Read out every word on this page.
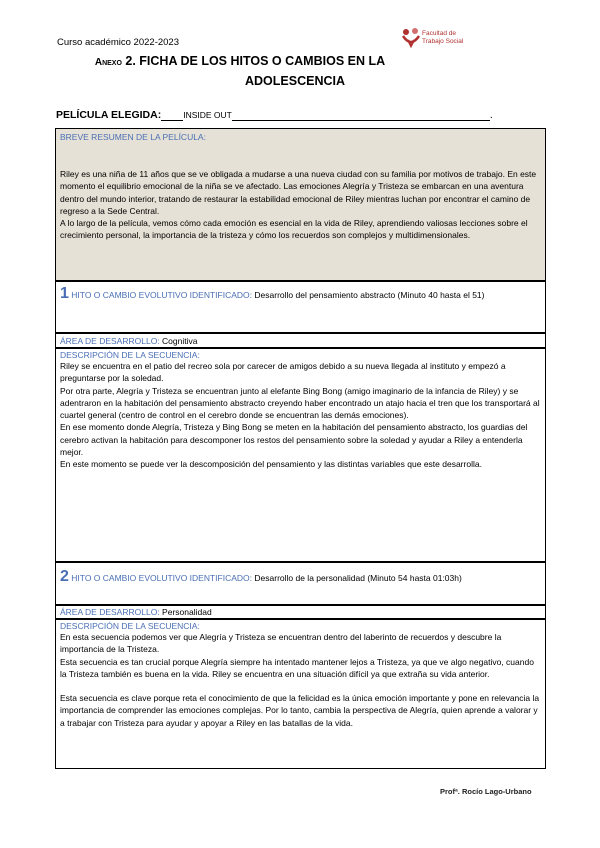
Curso académico 2022-2023
Facultad de
Trabajo Social
Anexo 2. FICHA DE LOS HITOS O CAMBIOS EN LA
ADOLESCENCIA
PELÍCULA ELEGIDA:	INSIDE OUT	.
BREVE RESUMEN DE LA PELÍCULA:

Riley es una niña de 11 años que se ve obligada a mudarse a una nueva ciudad con su familia por motivos de trabajo. En este momento el equilibrio emocional de la niña se ve afectado. Las emociones Alegría y Tristeza se embarcan en una aventura dentro del mundo interior, tratando de restaurar la estabilidad emocional de Riley mientras luchan por encontrar el camino de regreso a la Sede Central.

A lo largo de la película, vemos cómo cada emoción es esencial en la vida de Riley, aprendiendo valiosas lecciones sobre el crecimiento personal, la importancia de la tristeza y cómo los recuerdos son complejos y multidimensionales.

1 HITO O CAMBIO EVOLUTIVO IDENTIFICADO: Desarrollo del pensamiento abstracto (Minuto 40 hasta el 51)
ÁREA DE DESARROLLO: Cognitiva
DESCRIPCIÓN DE LA SECUENCIA:

Riley se encuentra en el patio del recreo sola por carecer de amigos debido a su nueva llegada al instituto y empezó a preguntarse por la soledad.

Por otra parte, Alegría y Tristeza se encuentran junto al elefante Bing Bong (amigo imaginario de la infancia de Riley) y se adentraron en la habitación del pensamiento abstracto creyendo haber encontrado un atajo hacia el tren que los transportará al cuartel general (centro de control en el cerebro donde se encuentran las demás emociones).

En ese momento donde Alegría, Tristeza y Bing Bong se meten en la habitación del pensamiento abstracto, los guardias del cerebro activan la habitación para descomponer los restos del pensamiento sobre la soledad y ayudar a Riley a entenderla mejor.

En este momento se puede ver la descomposición del pensamiento y las distintas variables que este desarrolla.

2 HITO O CAMBIO EVOLUTIVO IDENTIFICADO: Desarrollo de la personalidad (Minuto 54 hasta 01:03h)
ÁREA DE DESARROLLO: Personalidad
DESCRIPCIÓN DE LA SECUENCIA:

En esta secuencia podemos ver que Alegría y Tristeza se encuentran dentro del laberinto de recuerdos y descubre la importancia de la Tristeza.

Esta secuencia es tan crucial porque Alegría siempre ha intentado mantener lejos a Tristeza, ya que ve algo negativo, cuando la Tristeza también es buena en la vida. Riley se encuentra en una situación difícil ya que extraña su vida anterior.

Esta secuencia es clave porque reta el conocimiento de que la felicidad es la única emoción importante y pone en relevancia la importancia de comprender las emociones complejas. Por lo tanto, cambia la perspectiva de Alegría, quien aprende a valorar y a trabajar con Tristeza para ayudar y apoyar a Riley en las batallas de la vida.

Profª. Rocío Lago-Urbano
